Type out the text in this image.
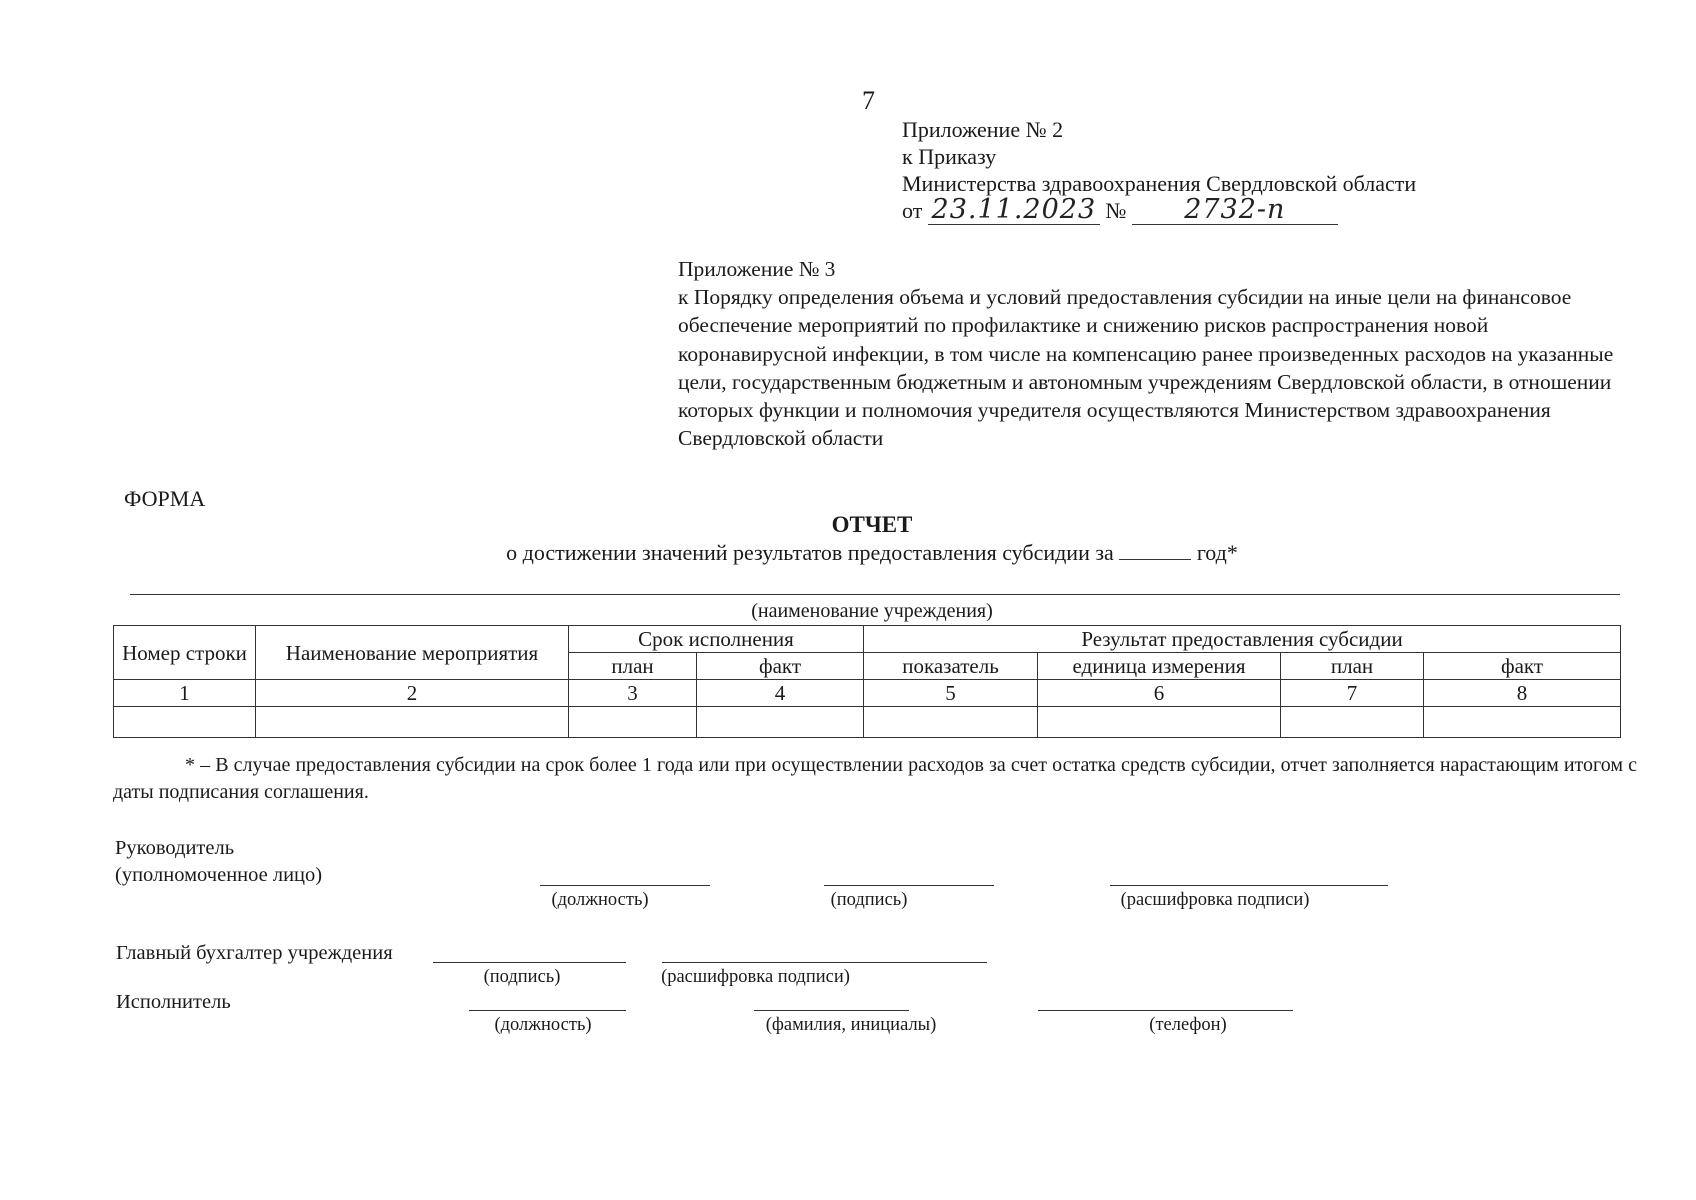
7
Приложение № 2
к Приказу
Министерства здравоохранения Свердловской области
от 23.11.2023 № 2732-п
Приложение № 3
к Порядку определения объема и условий предоставления субсидии на иные цели на финансовое обеспечение мероприятий по профилактике и снижению рисков распространения новой коронавирусной инфекции, в том числе на компенсацию ранее произведенных расходов на указанные цели, государственным бюджетным и автономным учреждениям Свердловской области, в отношении которых функции и полномочия учредителя осуществляются Министерством здравоохранения Свердловской области
ФОРМА
ОТЧЕТ
о достижении значений результатов предоставления субсидии за	год*
(наименование учреждения)
Номер строки	Наименование мероприятия	Срок исполнения		Результат предоставления субсидии			
		план	факт	показатель	единица измерения	план	факт
1	2	3	4	5	6	7	8

* – В случае предоставления субсидии на срок более 1 года или при осуществлении расходов за счет остатка средств субсидии, отчет заполняется нарастающим итогом с даты подписания соглашения.
Руководитель
(уполномоченное лицо)
(должность)	(подпись)	(расшифровка подписи)
Главный бухгалтер учреждения
(подпись)	(расшифровка подписи)
Исполнитель
(должность)	(фамилия, инициалы)	(телефон)
